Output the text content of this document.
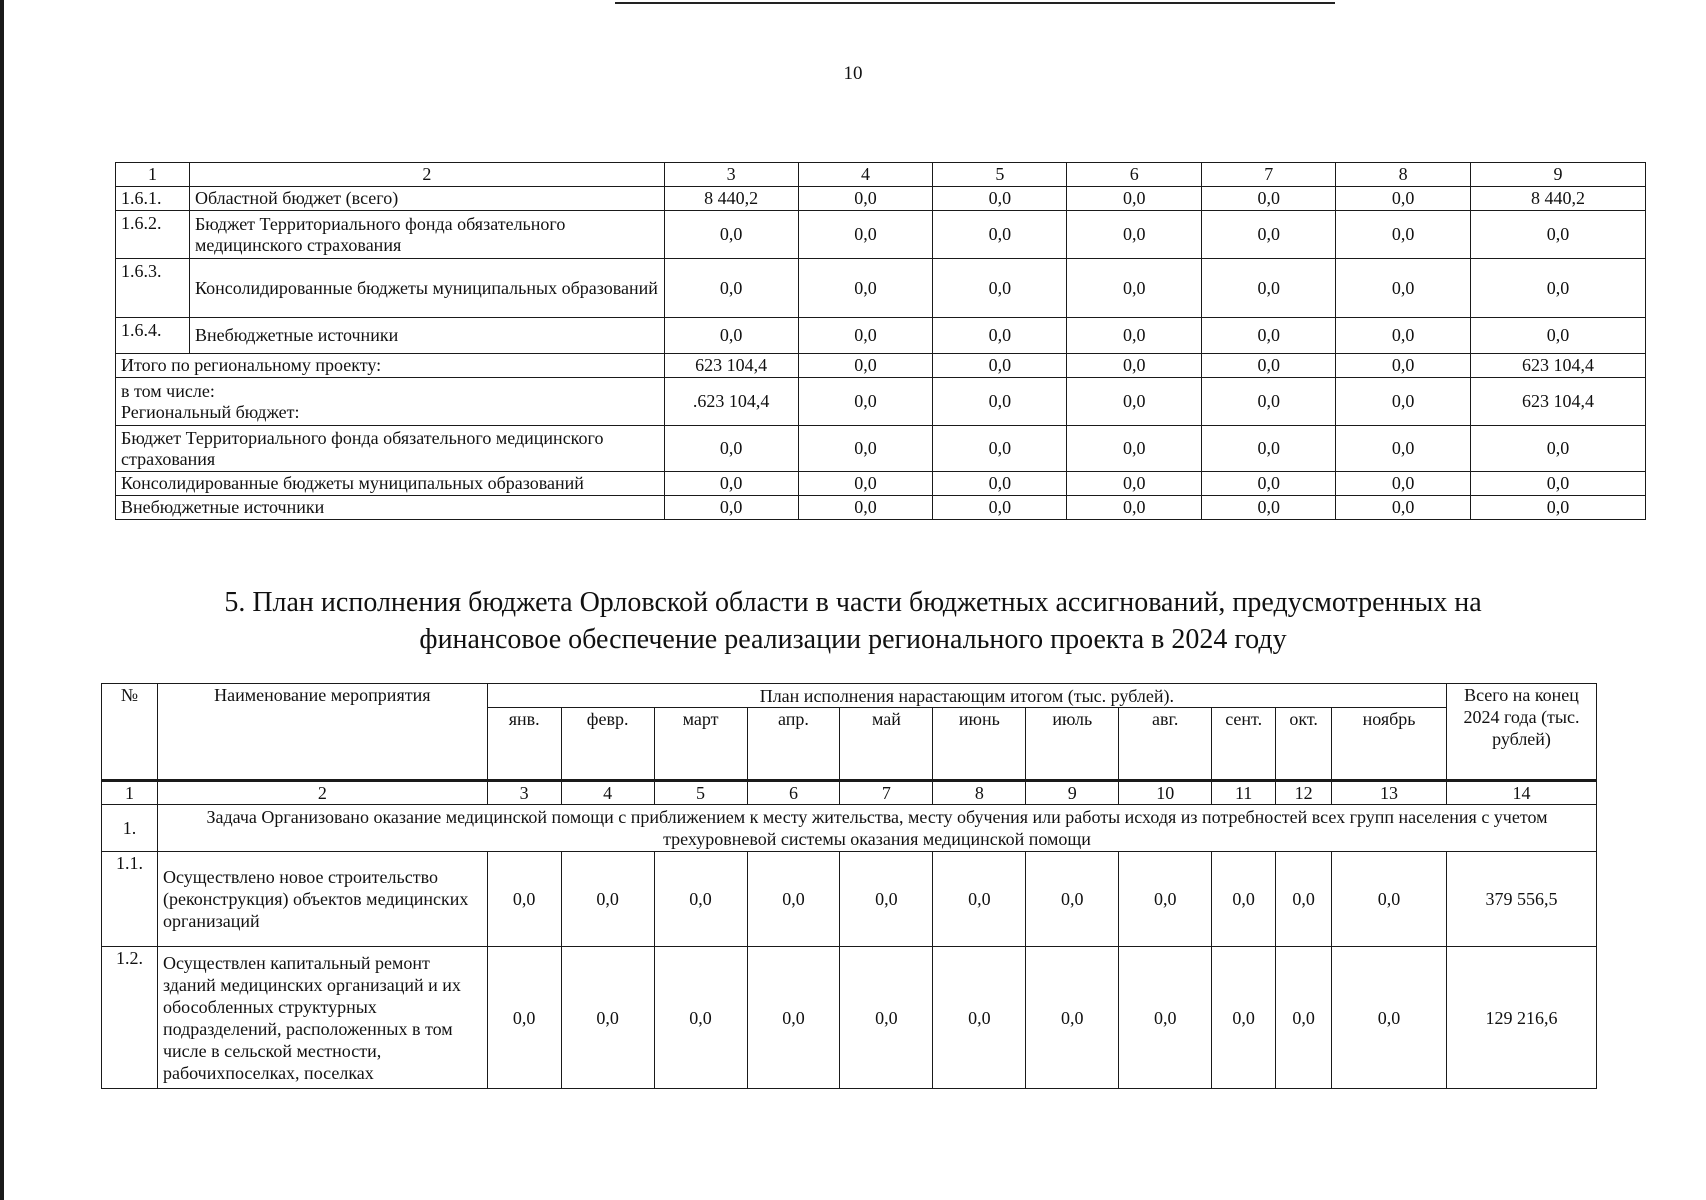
10
1	2	3	4	5	6	7	8	9
1.6.1.	Областной бюджет (всего)	8 440,2	0,0	0,0	0,0	0,0	0,0	8 440,2
1.6.2.	Бюджет Территориального фонда обязательного медицинского страхования	0,0	0,0	0,0	0,0	0,0	0,0	0,0
1.6.3.	Консолидированные бюджеты муниципальных образований	0,0	0,0	0,0	0,0	0,0	0,0	0,0
1.6.4.	Внебюджетные источники	0,0	0,0	0,0	0,0	0,0	0,0	0,0
Итого по региональному проекту:		623 104,4	0,0	0,0	0,0	0,0	0,0	623 104,4

в том числе:
Региональный бюджет:		.623 104,4	0,0	0,0	0,0	0,0	0,0	623 104,4
Бюджет Территориального фонда обязательного медицинского страхования		0,0	0,0	0,0	0,0	0,0	0,0	0,0
Консолидированные бюджеты муниципальных образований		0,0	0,0	0,0	0,0	0,0	0,0	0,0
Внебюджетные источники		0,0	0,0	0,0	0,0	0,0	0,0	0,0
5. План исполнения бюджета Орловской области в части бюджетных ассигнований, предусмотренных на
финансовое обеспечение реализации регионального проекта в 2024 году
№	Наименование мероприятия	План исполнения нарастающим итогом (тыс. рублей).											Всего на конец 2024 года (тыс. рублей)
		янв.	февр.	март	апр.	май	июнь	июль	авг.	сент.	окт.	ноябрь	
1	2	3	4	5	6	7	8	9	10	11	12	13	14
1.	Задача Организовано оказание медицинской помощи с приближением к месту жительства, месту обучения или работы исходя из потребностей всех групп населения с учетом трехуровневой системы оказания медицинской помощи												
1.1.	Осуществлено новое строительство (реконструкция) объектов медицинских организаций	0,0	0,0	0,0	0,0	0,0	0,0	0,0	0,0	0,0	0,0	0,0	379 556,5
1.2.	Осуществлен капитальный ремонт зданий медицинских организаций и их обособленных структурных подразделений, расположенных в том числе в сельской местности, рабочихпоселках, поселках	0,0	0,0	0,0	0,0	0,0	0,0	0,0	0,0	0,0	0,0	0,0	129 216,6
